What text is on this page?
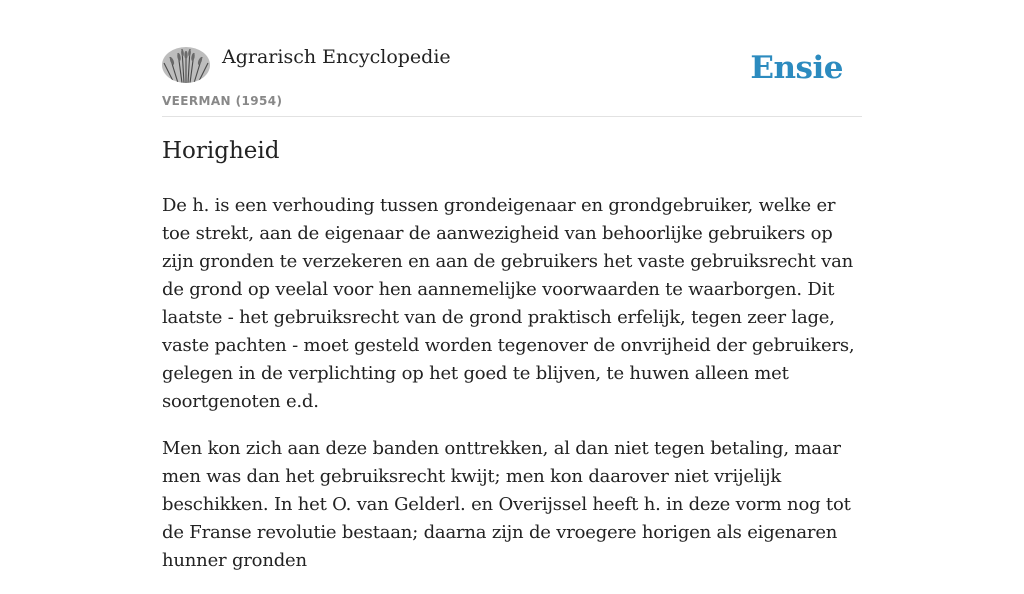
Agrarisch Encyclopedie	Ensie
VEERMAN (1954)
Horigheid

De h. is een verhouding tussen grondeigenaar en grondgebruiker, welke er toe strekt, aan de eigenaar de aanwezigheid van behoorlijke gebruikers op zijn gronden te verzekeren en aan de gebruikers het vaste gebruiksrecht van de grond op veelal voor hen aannemelijke voorwaarden te waarborgen. Dit laatste - het gebruiksrecht van de grond praktisch erfelijk, tegen zeer lage, vaste pachten - moet gesteld worden tegenover de onvrijheid der gebruikers, gelegen in de verplichting op het goed te blijven, te huwen alleen met soortgenoten e.d.

Men kon zich aan deze banden onttrekken, al dan niet tegen betaling, maar men was dan het gebruiksrecht kwijt; men kon daarover niet vrijelijk beschikken. In het O. van Gelderl. en Overijssel heeft h. in deze vorm nog tot de Franse revolutie bestaan; daarna zijn de vroegere horigen als eigenaren hunner gronden
